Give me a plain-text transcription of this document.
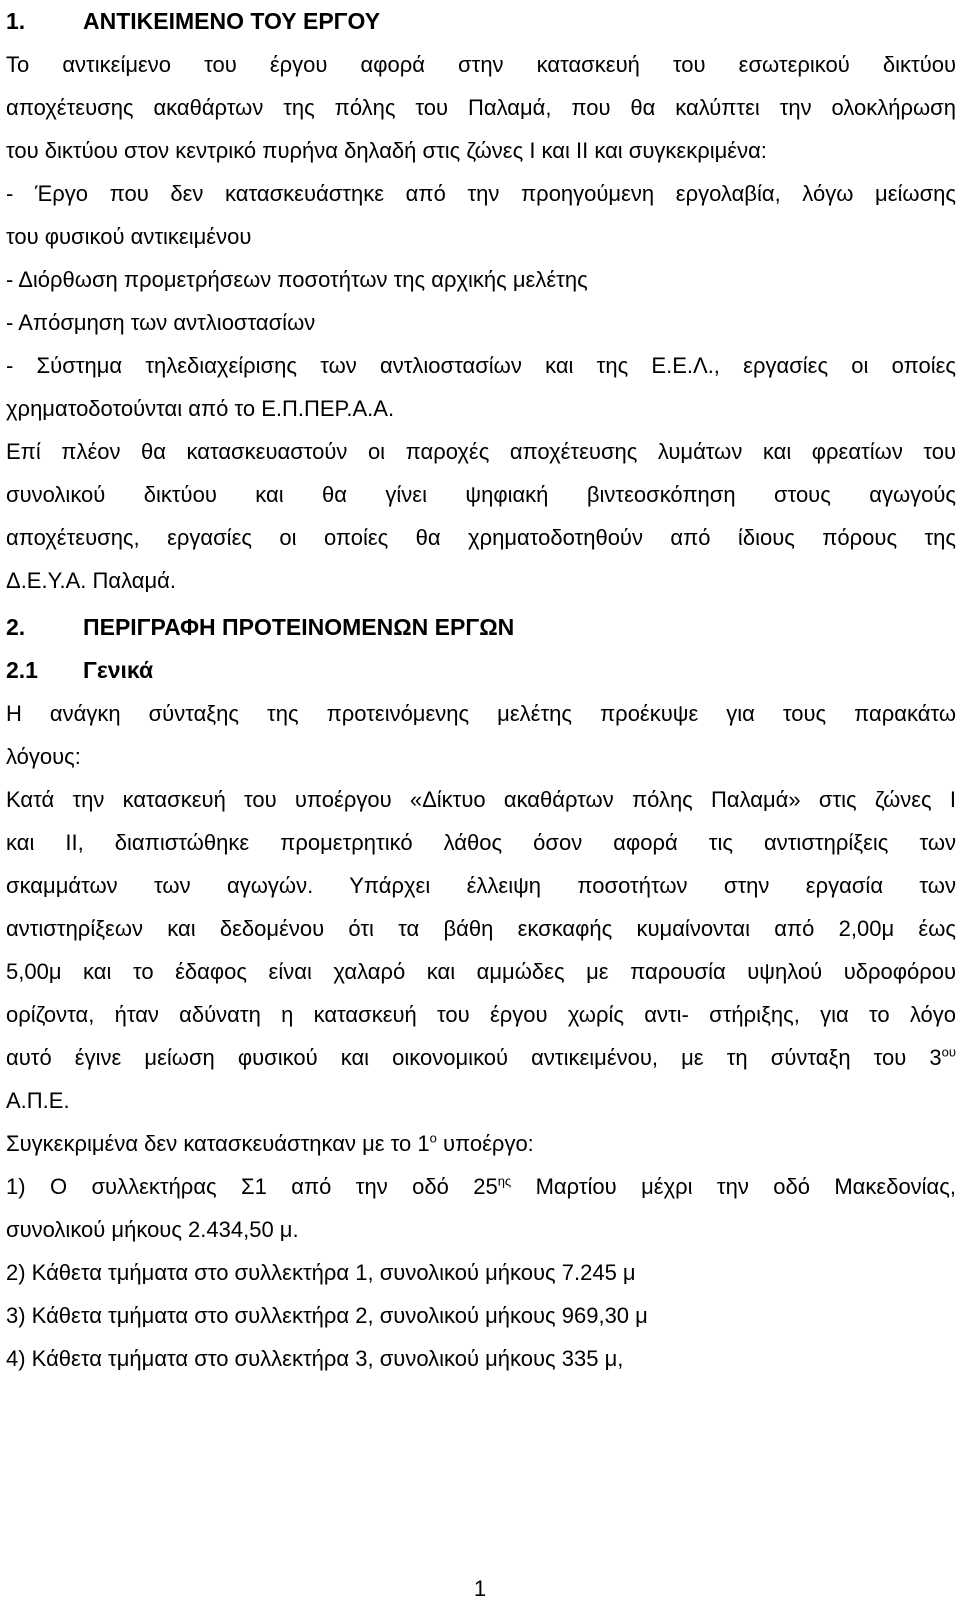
1.	ΑΝΤΙΚΕΙΜΕΝΟ ΤΟΥ ΕΡΓΟΥ
Το αντικείμενο του έργου αφορά στην κατασκευή του εσωτερικού δικτύου
αποχέτευσης ακαθάρτων της πόλης του Παλαμά, που θα καλύπτει την ολοκλήρωση
του δικτύου στον κεντρικό πυρήνα δηλαδή στις ζώνες Ι και ΙΙ και συγκεκριμένα:
- Έργο που δεν κατασκευάστηκε από την προηγούμενη εργολαβία, λόγω μείωσης
του φυσικού αντικειμένου
- Διόρθωση προμετρήσεων ποσοτήτων της αρχικής μελέτης
- Απόσμηση των αντλιοστασίων
- Σύστημα τηλεδιαχείρισης των αντλιοστασίων και της Ε.Ε.Λ., εργασίες οι οποίες
χρηματοδοτούνται από το Ε.Π.ΠΕΡ.Α.Α.
Επί πλέον θα κατασκευαστούν οι παροχές αποχέτευσης λυμάτων και φρεατίων του
συνολικού δικτύου και θα γίνει ψηφιακή βιντεοσκόπηση στους αγωγούς
αποχέτευσης, εργασίες οι οποίες θα χρηματοδοτηθούν από ίδιους πόρους της
Δ.Ε.Υ.Α. Παλαμά.
2.	ΠΕΡΙΓΡΑΦΗ ΠΡΟΤΕΙΝΟΜΕΝΩΝ ΕΡΓΩΝ
2.1 Γενικά
Η ανάγκη σύνταξης της προτεινόμενης μελέτης προέκυψε για τους παρακάτω
λόγους:
Κατά την κατασκευή του υποέργου «Δίκτυο ακαθάρτων πόλης Παλαμά» στις ζώνες Ι
και ΙΙ, διαπιστώθηκε προμετρητικό λάθος όσον αφορά τις αντιστηρίξεις των
σκαμμάτων των αγωγών. Υπάρχει έλλειψη ποσοτήτων στην εργασία των
αντιστηρίξεων και δεδομένου ότι τα βάθη εκσκαφής κυμαίνονται από 2,00μ έως
5,00μ και το έδαφος είναι χαλαρό και αμμώδες με παρουσία υψηλού υδροφόρου
ορίζοντα, ήταν αδύνατη η κατασκευή του έργου χωρίς αντι- στήριξης, για το λόγο
αυτό έγινε μείωση φυσικού και οικονομικού αντικειμένου, με τη σύνταξη του $3^{o\upsilon}$
Α.Π.Ε.
Συγκεκριμένα δεν κατασκευάστηκαν με το $1^o$ υποέργο:
1) Ο συλλεκτήρας Σ1 από την οδό $25^{\eta\varsigma}$ Μαρτίου μέχρι την οδό Μακεδονίας,
συνολικού μήκους 2.434,50 μ.
2) Κάθετα τμήματα στο συλλεκτήρα 1, συνολικού μήκους 7.245 μ
3) Κάθετα τμήματα στο συλλεκτήρα 2, συνολικού μήκους 969,30 μ
4) Κάθετα τμήματα στο συλλεκτήρα 3, συνολικού μήκους 335 μ,
1
